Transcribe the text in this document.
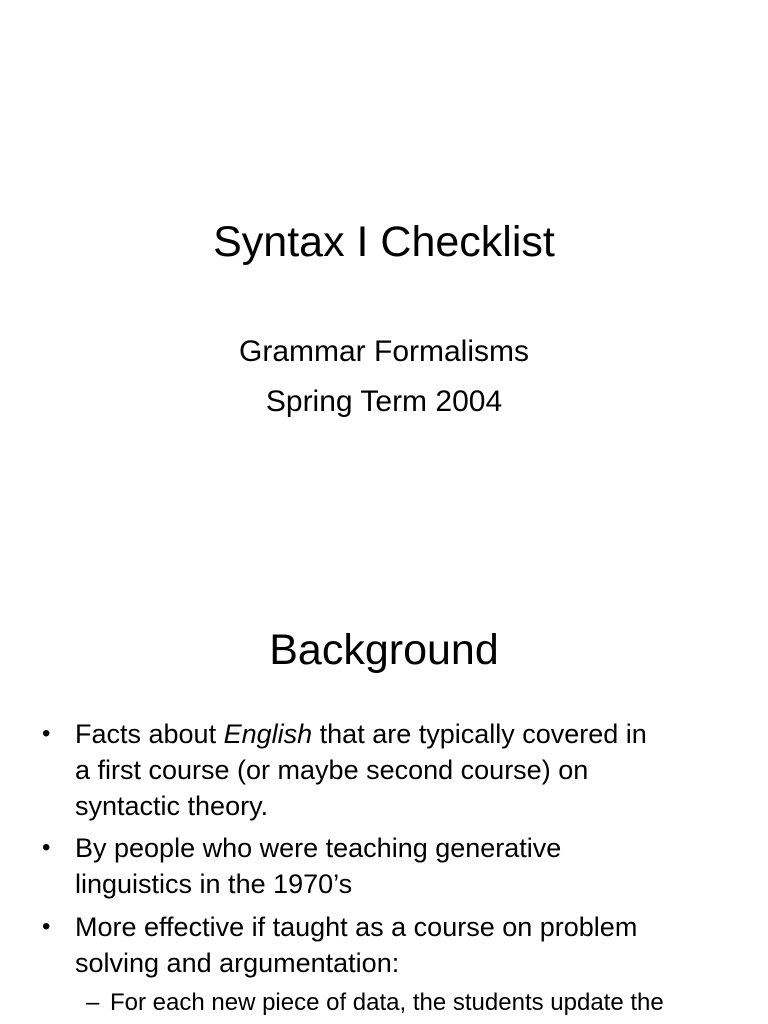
Syntax I Checklist
Grammar Formalisms
Spring Term 2004
Background
• Facts about English that are typically covered in
a first course (or maybe second course) on
syntactic theory.
• By people who were teaching generative
linguistics in the 1970’s
• More effective if taught as a course on problem
solving and argumentation:
– For each new piece of data, the students update the
